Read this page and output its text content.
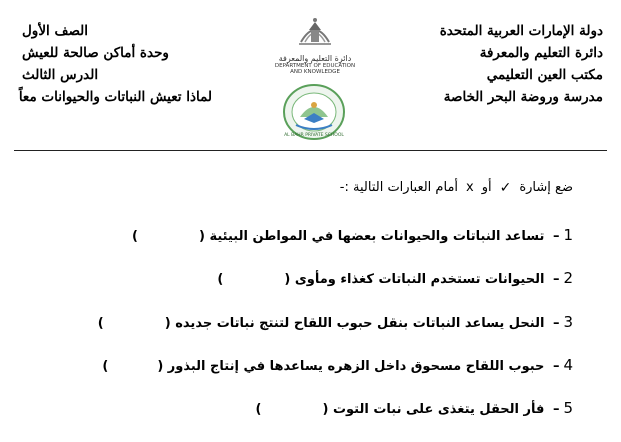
دولة الإمارات العربية المتحدة
دائرة التعليم والمعرفة
مكتب العين التعليمي
مدرسة وروضة البحر الخاصة
دائرة التعليم والمعرفة
DEPARTMENT OF EDUCATION
AND KNOWLEDGE
AL BAHR PRIVATE SCHOOL
الصف الأول
وحدة أماكن صالحة للعيش
الدرس الثالث
لماذا تعيش النباتات والحيوانات معاً
ضع إشارة
✓
أو
x
أمام العبارات التالية :-
1– تساعد النباتات والحيوانات بعضها في المواطن البيئية (  )
2– الحيوانات تستخدم النباتات كغذاء ومأوى (  )
3– النحل يساعد النباتات بنقل حبوب اللقاح لتنتج نباتات جديده (  )
4– حبوب اللقاح مسحوق داخل الزهره يساعدها في إنتاج البذور (  )
5– فأر الحقل يتغذى على نبات التوت (  )
